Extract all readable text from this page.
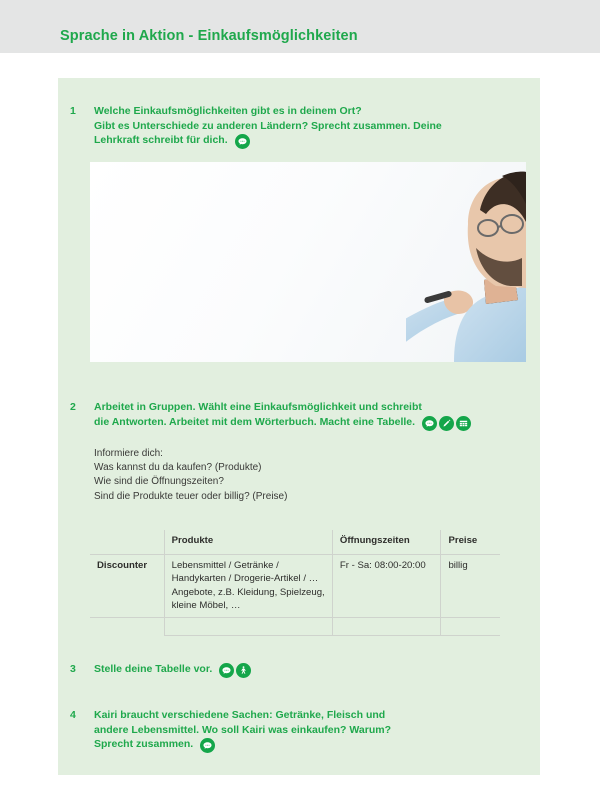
Sprache in Aktion - Einkaufsmöglichkeiten
1	Welche Einkaufsmöglichkeiten gibt es in deinem Ort?
Gibt es Unterschiede zu anderen Ländern? Sprecht zusammen. Deine
Lehrkraft schreibt für dich.
2	Arbeitet in Gruppen. Wählt eine Einkaufsmöglichkeit und schreibt
die Antworten. Arbeitet mit dem Wörterbuch. Macht eine Tabelle.
Informiere dich:
Was kannst du da kaufen? (Produkte)
Wie sind die Öffnungszeiten?
Sind die Produkte teuer oder billig? (Preise)
	Produkte	Öffnungszeiten	Preise
Discounter	Lebensmittel / Getränke /
Handykarten / Drogerie-Artikel / …
Angebote, z.B. Kleidung, Spielzeug,
kleine Möbel, …	Fr - Sa: 08:00-20:00	billig

3	Stelle deine Tabelle vor.
4	Kairi braucht verschiedene Sachen: Getränke, Fleisch und
andere Lebensmittel. Wo soll Kairi was einkaufen? Warum?
Sprecht zusammen.
